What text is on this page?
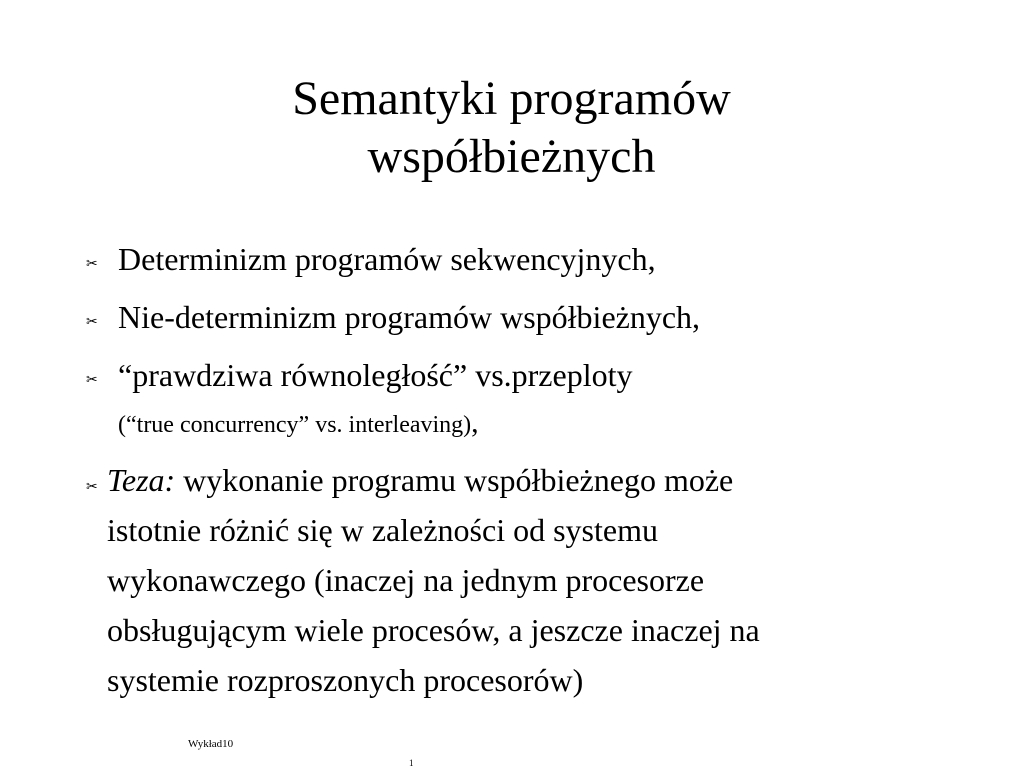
Semantyki programów
współbieżnych
✂ Determinizm programów sekwencyjnych,
✂ Nie-determinizm programów współbieżnych,
✂ “prawdziwa równoległość” vs.przeploty
(“true concurrency” vs. interleaving),
✂ Teza: wykonanie programu współbieżnego może
istotnie różnić się w zależności od systemu
wykonawczego (inaczej na jednym procesorze
obsługującym wiele procesów, a jeszcze inaczej na
systemie rozproszonych procesorów)
Wykład10
1
